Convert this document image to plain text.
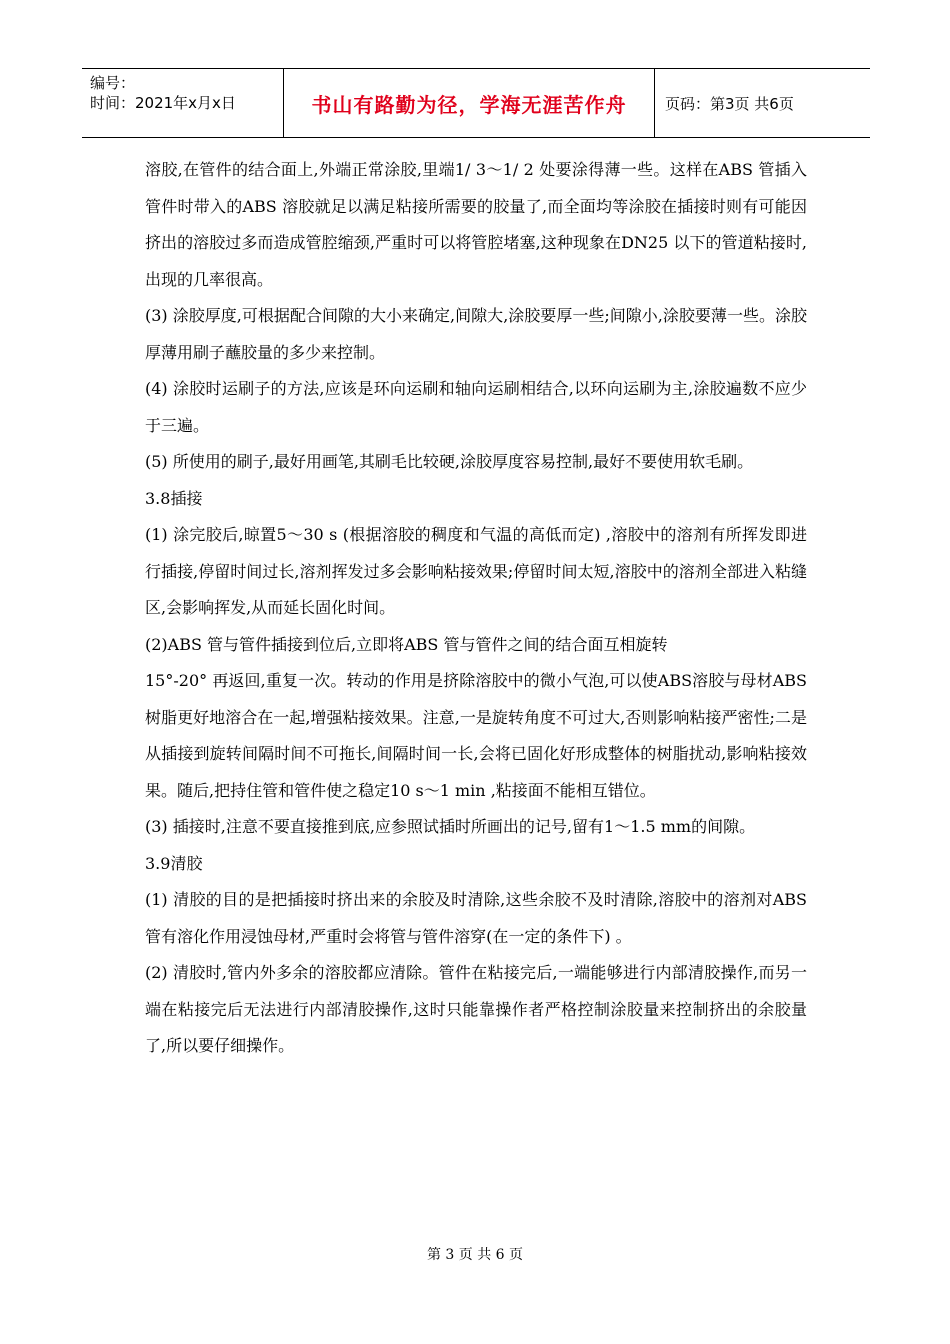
编号：
时间：2021年x月x日	书山有路勤为径，学海无涯苦作舟	页码：第3页 共6页

溶胶,在管件的结合面上,外端正常涂胶,里端1/ 3～1/ 2 处要涂得薄一些。这样在ABS 管插入管件时带入的ABS 溶胶就足以满足粘接所需要的胶量了,而全面均等涂胶在插接时则有可能因挤出的溶胶过多而造成管腔缩颈,严重时可以将管腔堵塞,这种现象在DN25 以下的管道粘接时,出现的几率很高。

(3) 涂胶厚度,可根据配合间隙的大小来确定,间隙大,涂胶要厚一些;间隙小,涂胶要薄一些。涂胶厚薄用刷子蘸胶量的多少来控制。

(4) 涂胶时运刷子的方法,应该是环向运刷和轴向运刷相结合,以环向运刷为主,涂胶遍数不应少于三遍。

(5) 所使用的刷子,最好用画笔,其刷毛比较硬,涂胶厚度容易控制,最好不要使用软毛刷。

3.8插接

(1) 涂完胶后,晾置5～30 s (根据溶胶的稠度和气温的高低而定) ,溶胶中的溶剂有所挥发即进行插接,停留时间过长,溶剂挥发过多会影响粘接效果;停留时间太短,溶胶中的溶剂全部进入粘缝区,会影响挥发,从而延长固化时间。

(2)ABS 管与管件插接到位后,立即将ABS 管与管件之间的结合面互相旋转

15°-20° 再返回,重复一次。转动的作用是挤除溶胶中的微小气泡,可以使ABS溶胶与母材ABS 树脂更好地溶合在一起,增强粘接效果。注意,一是旋转角度不可过大,否则影响粘接严密性;二是从插接到旋转间隔时间不可拖长,间隔时间一长,会将已固化好形成整体的树脂扰动,影响粘接效果。随后,把持住管和管件使之稳定10 s～1 min ,粘接面不能相互错位。

(3) 插接时,注意不要直接推到底,应参照试插时所画出的记号,留有1～1.5 mm的间隙。

3.9清胶

(1) 清胶的目的是把插接时挤出来的余胶及时清除,这些余胶不及时清除,溶胶中的溶剂对ABS管有溶化作用浸蚀母材,严重时会将管与管件溶穿(在一定的条件下) 。

(2) 清胶时,管内外多余的溶胶都应清除。管件在粘接完后,一端能够进行内部清胶操作,而另一端在粘接完后无法进行内部清胶操作,这时只能靠操作者严格控制涂胶量来控制挤出的余胶量了,所以要仔细操作。

第 3 页 共 6 页
